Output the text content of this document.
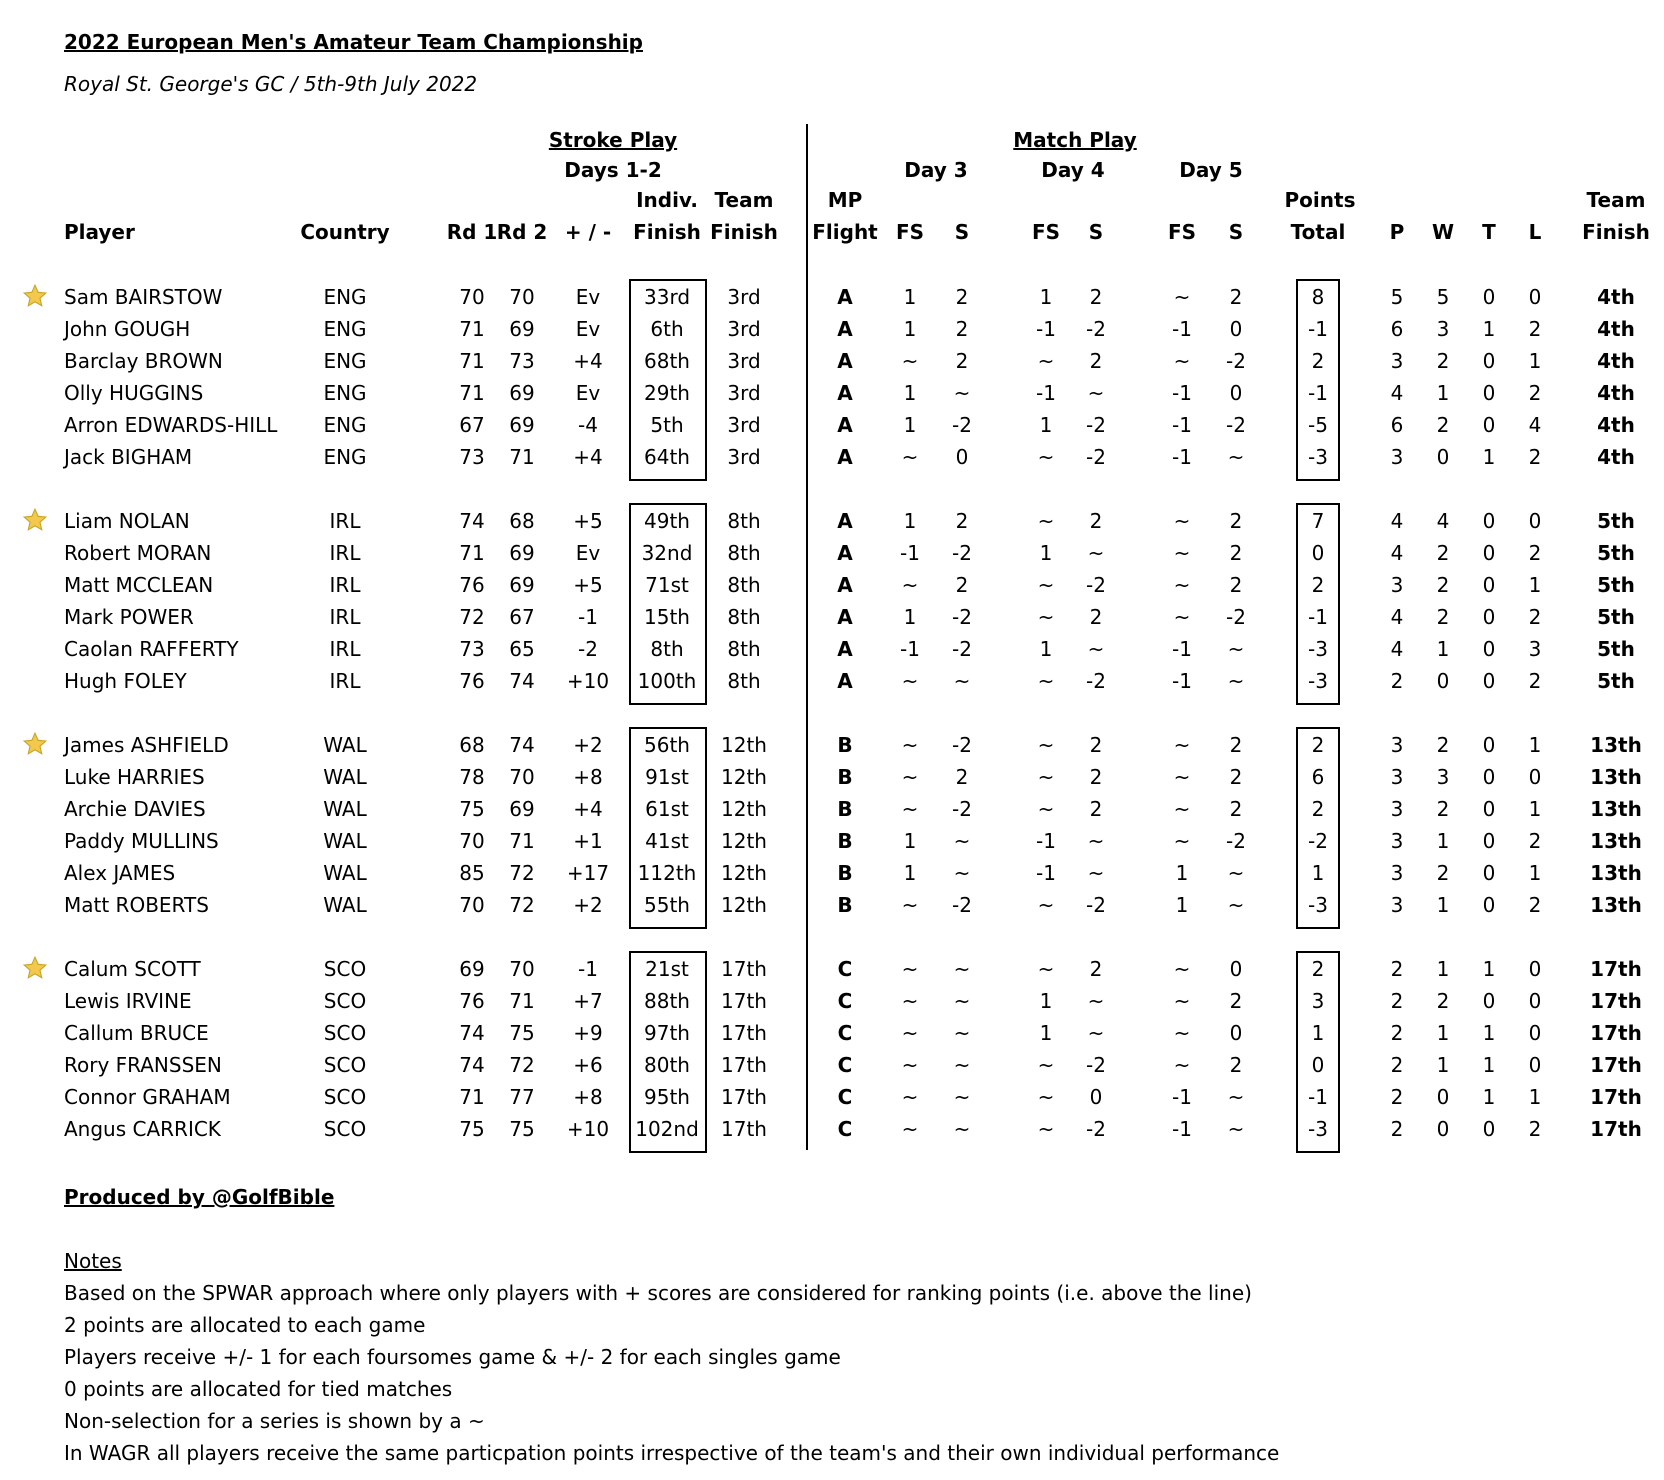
2022 European Men's Amateur Team Championship
Royal St. George's GC / 5th-9th July 2022
Stroke Play
Days 1-2
Match Play
Day 3	Day 4	Day 5
Indiv. Team	MP	Points	Team
Player	Country	Rd 1 Rd 2 + / - Finish Finish Flight FS S	FS S	FS S Total P W T L Finish
Sam BAIRSTOW	ENG	70 70 Ev 33rd 3rd	A	1 2	1 2	~ 2	8	5 5 0 0	4th
John GOUGH	ENG	71 69 Ev	6th 3rd	A	1 2	-1 -2	-1 0	-1	6 3 1 2	4th
Barclay BROWN	ENG	71 73 +4 68th 3rd	A ~ 2	~ 2	~ -2	2	3 2 0 1	4th
Olly HUGGINS	ENG	71 69 Ev 29th 3rd	A	1 ~	-1 ~	-1 0	-1	4 1 0 2	4th
Arron EDWARDS-HILL ENG	67 69 -4	5th 3rd	A	1 -2	1 -2	-1 -2	-5	6 2 0 4	4th
Jack BIGHAM	ENG	73 71 +4 64th 3rd	A ~ 0	~ -2	-1 ~	-3	3 0 1 2	4th
Liam NOLAN	IRL	74 68 +5 49th 8th	A	1 2	~ 2	~ 2	7	4 4 0 0	5th
Robert MORAN	IRL	71 69 Ev 32nd 8th	A -1 -2	1 ~	~ 2	0	4 2 0 2	5th
Matt MCCLEAN	IRL	76 69 +5 71st 8th	A ~ 2	~ -2	~ 2	2	3 2 0 1	5th
Mark POWER	IRL	72 67 -1 15th 8th	A	1 -2	~ 2	~ -2	-1	4 2 0 2	5th
Caolan RAFFERTY	IRL	73 65 -2	8th 8th	A -1 -2	1 ~	-1 ~	-3	4 1 0 3	5th
Hugh FOLEY	IRL	76 74 +10 100th 8th	A ~ ~	~ -2	-1 ~	-3	2 0 0 2	5th
James ASHFIELD	WAL	68 74 +2 56th 12th	B ~ -2	~ 2	~ 2	2	3 2 0 1 13th
Luke HARRIES	WAL	78 70 +8 91st 12th	B ~ 2	~ 2	~ 2	6	3 3 0 0 13th
Archie DAVIES	WAL	75 69 +4 61st 12th	B ~ -2	~ 2	~ 2	2	3 2 0 1 13th
Paddy MULLINS	WAL	70 71 +1 41st 12th	B	1 ~	-1 ~	~ -2	-2	3 1 0 2 13th
Alex JAMES	WAL	85 72 +17 112th 12th	B	1 ~	-1 ~	1 ~	1	3 2 0 1 13th
Matt ROBERTS	WAL	70 72 +2 55th 12th	B ~ -2	~ -2	1 ~	-3	3 1 0 2 13th
Calum SCOTT	SCO	69 70 -1 21st 17th	C ~ ~	~ 2	~ 0	2	2 1 1 0 17th
Lewis IRVINE	SCO	76 71 +7 88th 17th	C ~ ~	1 ~	~ 2	3	2 2 0 0 17th
Callum BRUCE	SCO	74 75 +9 97th 17th	C ~ ~	1 ~	~ 0	1	2 1 1 0 17th
Rory FRANSSEN	SCO	74 72 +6 80th 17th	C ~ ~	~ -2	~ 2	0	2 1 1 0 17th
Connor GRAHAM	SCO	71 77 +8 95th 17th	C ~ ~	~ 0	-1 ~	-1	2 0 1 1 17th
Angus CARRICK	SCO	75 75 +10 102nd 17th	C ~ ~	~ -2	-1 ~	-3	2 0 0 2 17th
Produced by @GolfBible
Notes
Based on the SPWAR approach where only players with + scores are considered for ranking points (i.e. above the line)
2 points are allocated to each game
Players receive +/- 1 for each foursomes game & +/- 2 for each singles game
0 points are allocated for tied matches
Non-selection for a series is shown by a ~
In WAGR all players receive the same particpation points irrespective of the team's and their own individual performance
